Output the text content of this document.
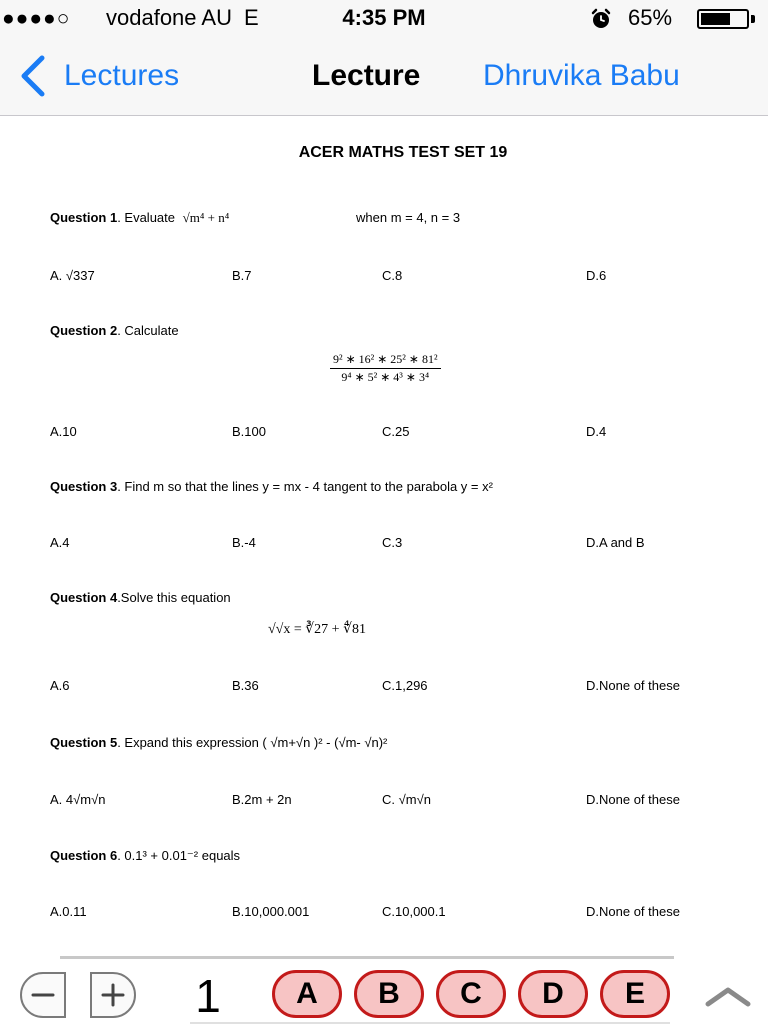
●●●●○ vodafone AU E	4:35 PM	65%
Lectures	Lecture Dhruvika Babu
ACER MATHS TEST SET 19
Question 1. Evaluate √m⁴ + n⁴	when m = 4, n = 3
A. √337	B.7	C.8	D.6
Question 2. Calculate
$\frac{\text{9² ∗ 16² ∗ 25² ∗ 81²}}{\text{9⁴ ∗ 5² ∗ 4³ ∗ 3⁴}}$
A.10	B.100	C.25	D.4
Question 3. Find m so that the lines y = mx - 4 tangent to the parabola y = x²
A.4	B.-4	C.3	D.A and B
Question 4.Solve this equation
√√x = ∛27 + ∜81
A.6	B.36	C.1,296	D.None of these
Question 5. Expand this expression ( √m+√n )² - (√m- √n)²
A. 4√m√n	B.2m + 2n	C. √m√n	D.None of these
Question 6. 0.1³ + 0.01⁻² equals
A.0.11	B.10,000.001	C.10,000.1	D.None of these
1	A	B	C	D	E
